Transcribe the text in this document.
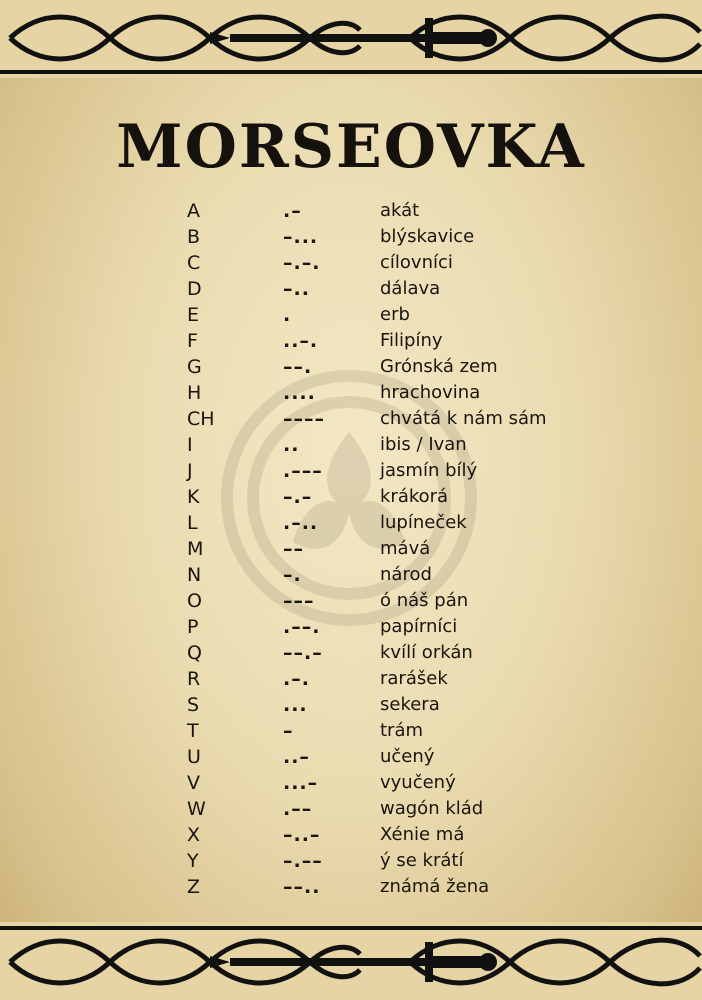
MORSEOVKA
A	.–	akát
B	–...	blýskavice
C	–.–.	cílovníci
D	–..	dálava
E	.	erb
F	..–.	Filipíny
G	––.	Grónská zem
H	....	hrachovina
CH	––––	chvátá k nám sám
I	..	ibis / Ivan
J	.–––	jasmín bílý
K	–.–	krákorá
L	.–..	lupíneček
M	––	mává
N	–.	národ
O	–––	ó náš pán
P	.––.	papírníci
Q	––.–	kvílí orkán
R	.–.	rarášek
S	...	sekera
T	–	trám
U	..–	učený
V	...–	vyučený
W	.––	wagón klád
X	–..–	Xénie má
Y	–.––	ý se krátí
Z	––..	známá žena
